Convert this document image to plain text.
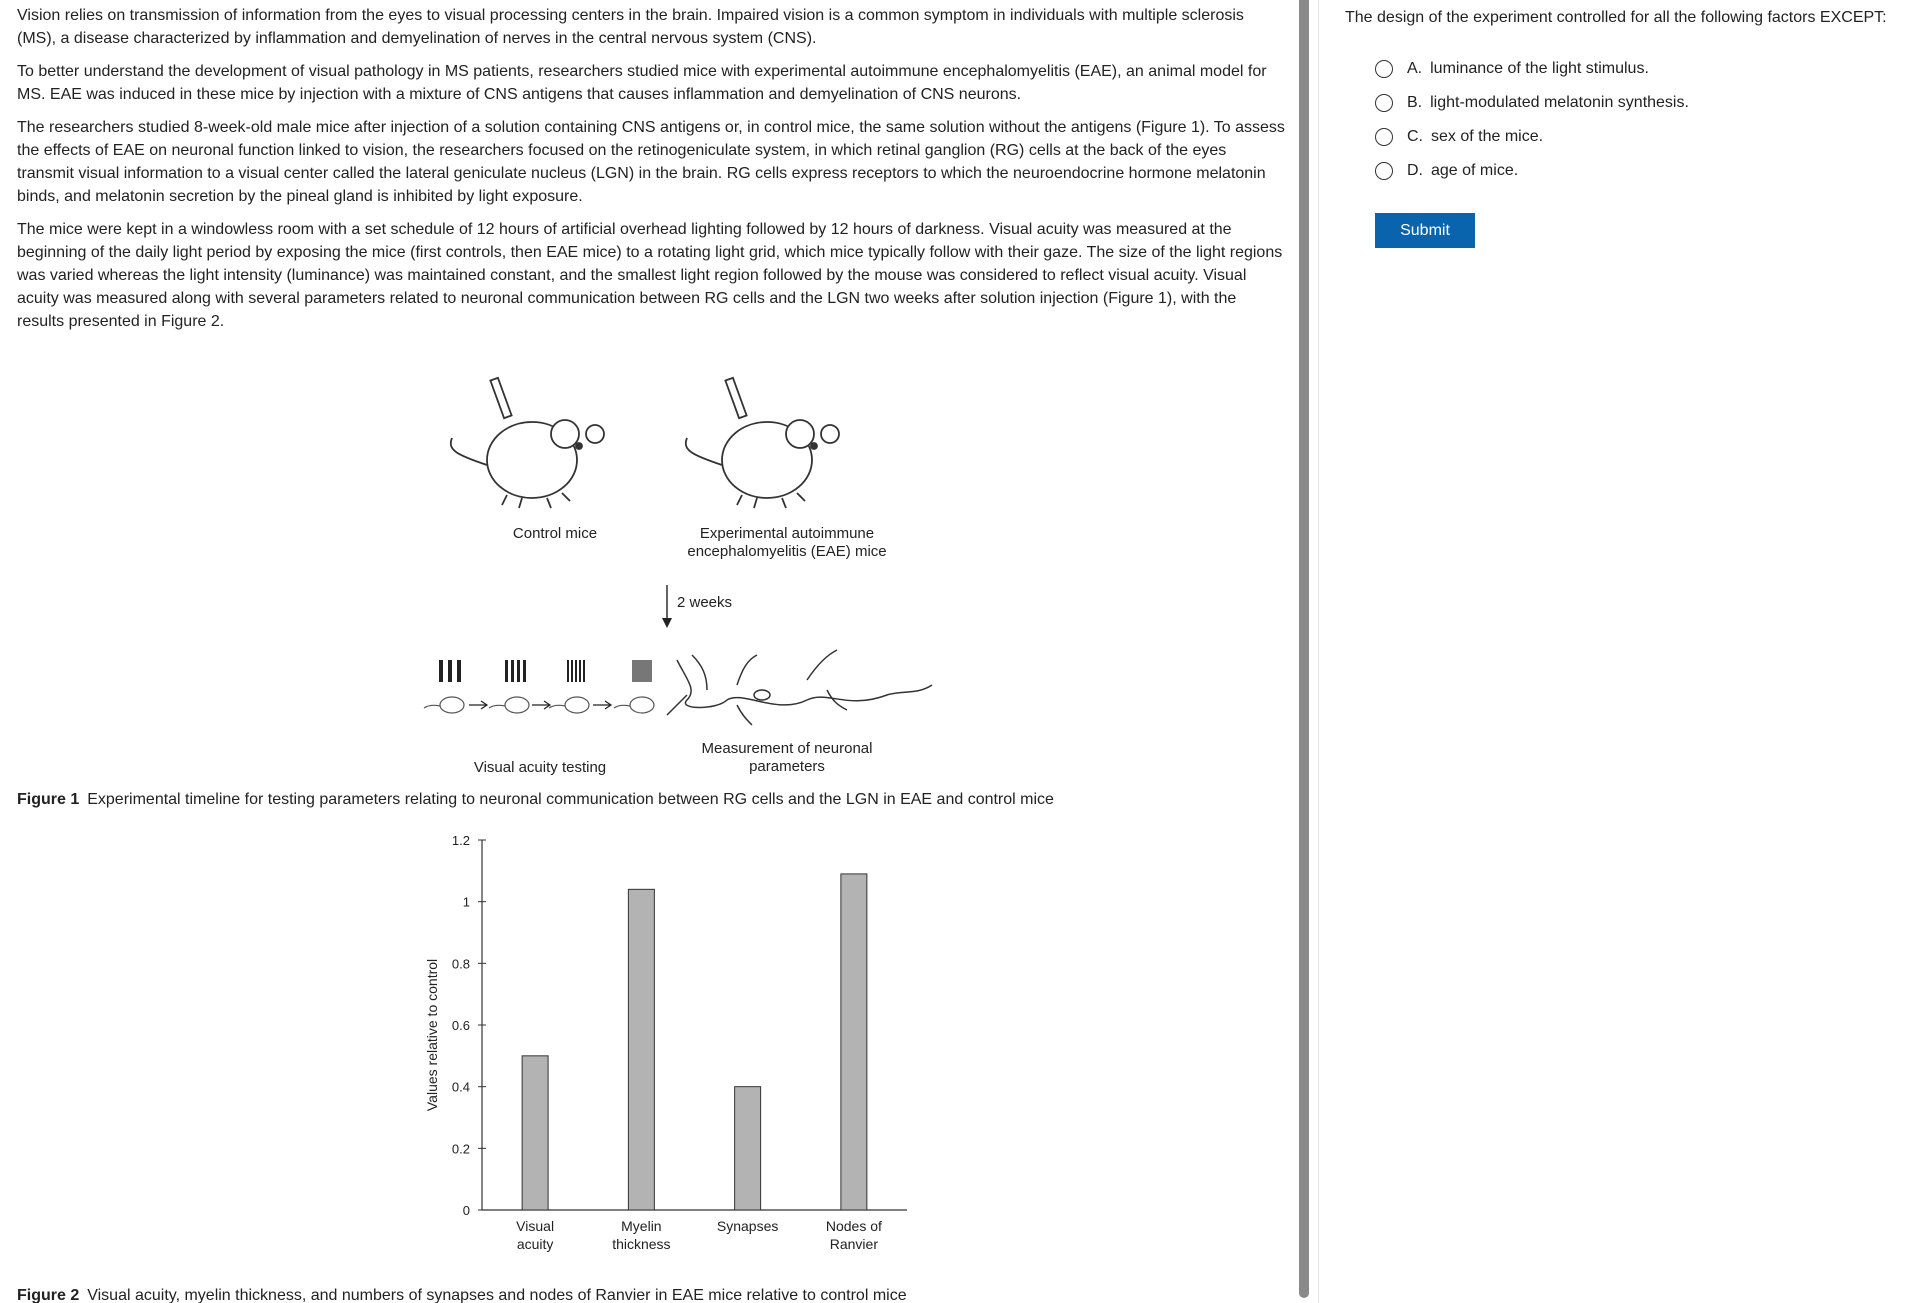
Vision relies on transmission of information from the eyes to visual processing centers in the brain. Impaired vision is a common symptom in individuals with multiple sclerosis (MS), a disease characterized by inflammation and demyelination of nerves in the central nervous system (CNS).

To better understand the development of visual pathology in MS patients, researchers studied mice with experimental autoimmune encephalomyelitis (EAE), an animal model for MS. EAE was induced in these mice by injection with a mixture of CNS antigens that causes inflammation and demyelination of CNS neurons.

The researchers studied 8-week-old male mice after injection of a solution containing CNS antigens or, in control mice, the same solution without the antigens (Figure 1). To assess the effects of EAE on neuronal function linked to vision, the researchers focused on the retinogeniculate system, in which retinal ganglion (RG) cells at the back of the eyes transmit visual information to a visual center called the lateral geniculate nucleus (LGN) in the brain. RG cells express receptors to which the neuroendocrine hormone melatonin binds, and melatonin secretion by the pineal gland is inhibited by light exposure.

The mice were kept in a windowless room with a set schedule of 12 hours of artificial overhead lighting followed by 12 hours of darkness. Visual acuity was measured at the beginning of the daily light period by exposing the mice (first controls, then EAE mice) to a rotating light grid, which mice typically follow with their gaze. The size of the light regions was varied whereas the light intensity (luminance) was maintained constant, and the smallest light region followed by the mouse was considered to reflect visual acuity. Visual acuity was measured along with several parameters related to neuronal communication between RG cells and the LGN two weeks after solution injection (Figure 1), with the results presented in Figure 2.

Control mice	Experimental autoimmune
encephalomyelitis (EAE) mice
2 weeks
Visual acuity testing
Measurement of neuronal
parameters
Figure 1 Experimental timeline for testing parameters relating to neuronal communication between RG cells and the LGN in EAE and control mice
0
0.2
0.4
0.6
0.8
1
1.2
Values relative to control
Visual
acuity
Myelin
thickness
Synapses	Nodes of
Ranvier
Figure 2 Visual acuity, myelin thickness, and numbers of synapses and nodes of Ranvier in EAE mice relative to control mice
The design of the experiment controlled for all the following factors EXCEPT:
A. luminance of the light stimulus.
B. light-modulated melatonin synthesis.
C. sex of the mice.
D. age of mice.
Submit
